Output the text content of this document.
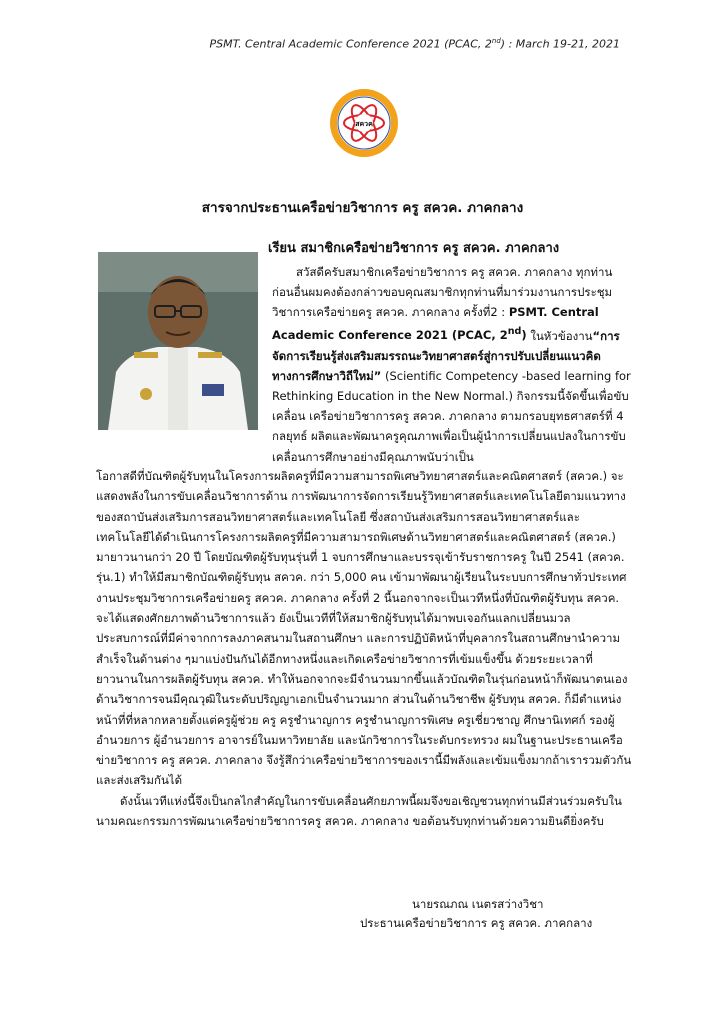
PSMT. Central Academic Conference 2021 (PCAC, 2nd) : March 19-21, 2021
สควค
สารจากประธานเครือข่ายวิชาการ ครู สควค. ภาคกลาง
เรียน สมาชิกเครือข่ายวิชาการ ครู สควค. ภาคกลาง

สวัสดีครับสมาชิกเครือข่ายวิชาการ ครู สควค. ภาคกลาง ทุกท่าน ก่อนอื่นผมคงต้องกล่าวขอบคุณสมาชิกทุกท่านที่มาร่วมงานการประชุมวิชาการเครือข่ายครู สควค. ภาคกลาง ครั้งที่2 : PSMT. Central Academic Conference 2021 (PCAC, 2nd) ในหัวข้องาน“การจัดการเรียนรู้ส่งเสริมสมรรถนะวิทยาศาสตร์สู่การปรับเปลี่ยนแนวคิดทางการศึกษาวิถีใหม่” (Scientific Competency -based learning for Rethinking Education in the New Normal.) กิจกรรมนี้จัดขึ้นเพื่อขับเคลื่อน เครือข่ายวิชาการครู สควค. ภาคกลาง ตามกรอบยุทธศาสตร์ที่ 4 กลยุทธ์ ผลิตและพัฒนาครูคุณภาพเพื่อเป็นผู้นำการเปลี่ยนแปลงในการขับเคลื่อนการศึกษาอย่างมีคุณภาพนับว่าเป็น

โอกาสดีที่บัณฑิตผู้รับทุนในโครงการผลิตครูที่มีความสามารถพิเศษวิทยาศาสตร์และคณิตศาสตร์ (สควค.) จะแสดงพลังในการขับเคลื่อนวิชาการด้าน การพัฒนาการจัดการเรียนรู้วิทยาศาสตร์และเทคโนโลยีตามแนวทางของสถาบันส่งเสริมการสอนวิทยาศาสตร์และเทคโนโลยี ซึ่งสถาบันส่งเสริมการสอนวิทยาศาสตร์และเทคโนโลยีได้ดำเนินการโครงการผลิตครูที่มีความสามารถพิเศษด้านวิทยาศาสตร์และคณิตศาสตร์ (สควค.) มายาวนานกว่า 20 ปี โดยบัณฑิตผู้รับทุนรุ่นที่ 1 จบการศึกษาและบรรจุเข้ารับราชการครู ในปี 2541 (สควค. รุ่น.1) ทำให้มีสมาชิกบัณฑิตผู้รับทุน สควค. กว่า 5,000 คน เข้ามาพัฒนาผู้เรียนในระบบการศึกษาทั่วประเทศ งานประชุมวิชาการเครือข่ายครู สควค. ภาคกลาง ครั้งที่ 2 นี้นอกจากจะเป็นเวทีหนึ่งที่บัณฑิตผู้รับทุน สควค. จะได้แสดงศักยภาพด้านวิชาการแล้ว ยังเป็นเวทีที่ให้สมาชิกผู้รับทุนได้มาพบเจอกันแลกเปลี่ยนมวลประสบการณ์ที่มีค่าจากการลงภาคสนามในสถานศึกษา และการปฏิบัติหน้าที่บุคลากรในสถานศึกษานำความสำเร็จในด้านต่าง ๆมาแบ่งปันกันได้อีกทางหนึ่งและเกิดเครือข่ายวิชาการที่เข้มแข็งขึ้น ด้วยระยะเวลาที่ยาวนานในการผลิตผู้รับทุน สควค. ทำให้นอกจากจะมีจำนวนมากขึ้นแล้วบัณฑิตในรุ่นก่อนหน้าก็พัฒนาตนเองด้านวิชาการจนมีคุณวุฒิในระดับปริญญาเอกเป็นจำนวนมาก ส่วนในด้านวิชาชีพ ผู้รับทุน สควค. ก็มีตำแหน่งหน้าที่ที่หลากหลายตั้งแต่ครูผู้ช่วย ครู ครูชำนาญการ ครูชำนาญการพิเศษ ครูเชี่ยวชาญ ศึกษานิเทศก์ รองผู้อำนวยการ ผู้อำนวยการ อาจารย์ในมหาวิทยาลัย และนักวิชาการในระดับกระทรวง ผมในฐานะประธานเครือข่ายวิชาการ ครู สควค. ภาคกลาง จึงรู้สึกว่าเครือข่ายวิชาการของเรานี้มีพลังและเข้มแข็งมากถ้าเรารวมตัวกันและส่งเสริมกันได้

ดังนั้นเวทีแห่งนี้จึงเป็นกลไกสำคัญในการขับเคลื่อนศักยภาพนี้ผมจึงขอเชิญชวนทุกท่านมีส่วนร่วมครับในนามคณะกรรมการพัฒนาเครือข่ายวิชาการครู สควค. ภาคกลาง ขอต้อนรับทุกท่านด้วยความยินดียิ่งครับ

นายรณภณ เนตรสว่างวิชา
ประธานเครือข่ายวิชาการ ครู สควค. ภาคกลาง
